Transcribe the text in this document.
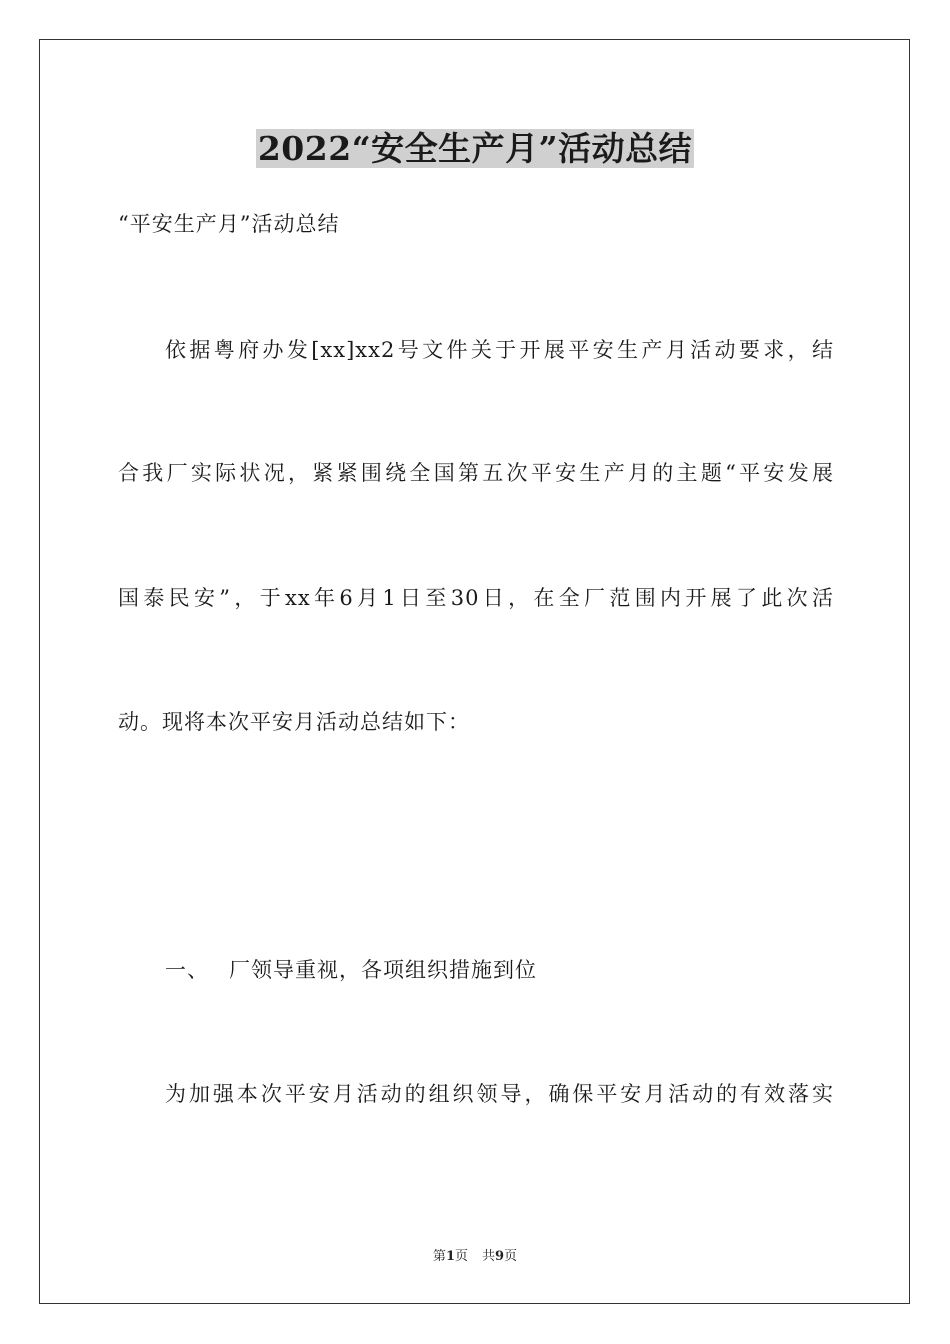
2022“安全生产月”活动总结
“平安生产月”活动总结
依据粤府办发[xx]xx2号文件关于开展平安生产月活动要求，结
合我厂实际状况，紧紧围绕全国第五次平安生产月的主题“平安发展
国泰民安”，于xx年6月1日至30日，在全厂范围内开展了此次活
动。现将本次平安月活动总结如下：
一、 厂领导重视，各项组织措施到位
为加强本次平安月活动的组织领导，确保平安月活动的有效落实
第1页 共9页
